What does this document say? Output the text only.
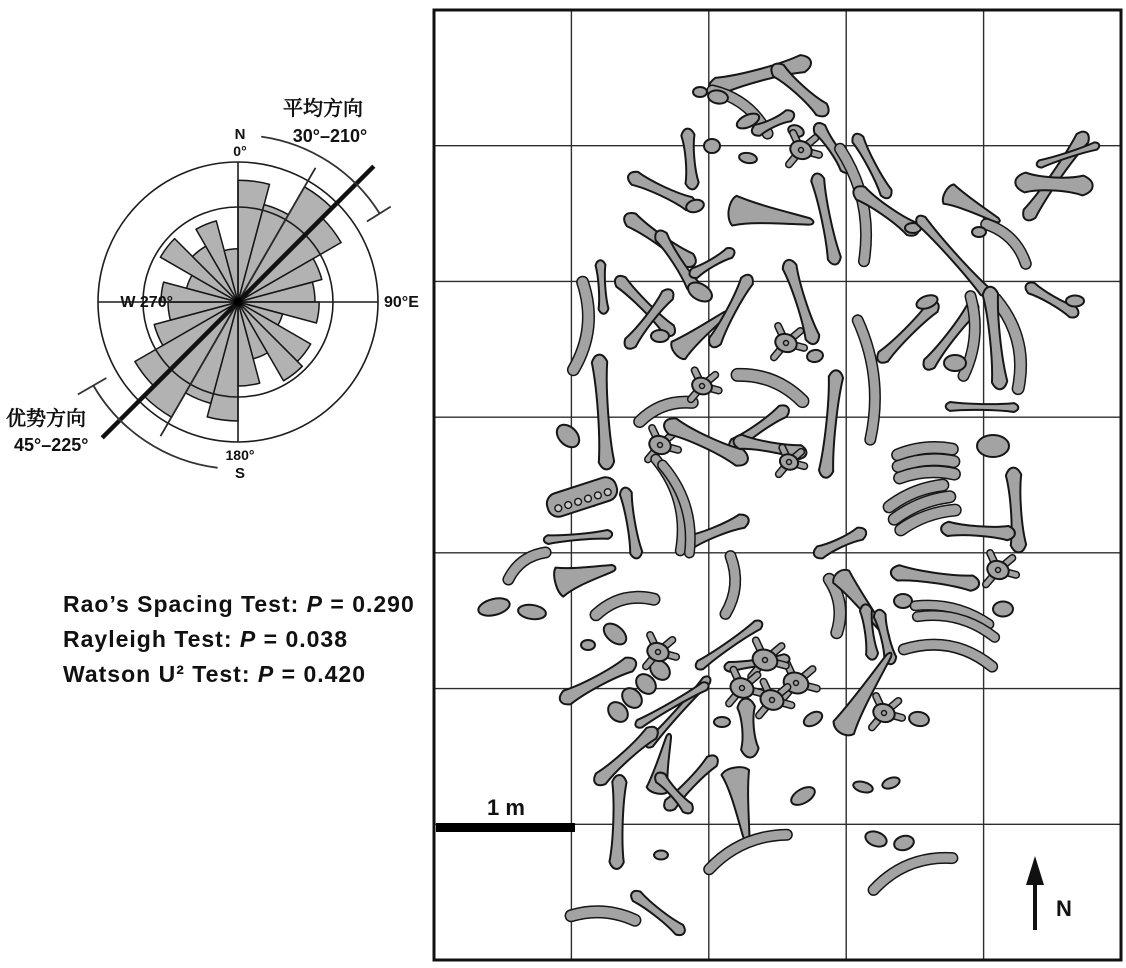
N
0°
90°E
W 270°
180°
S
平均方向
30°–210°
优势方向
45°–225°
Rao’s Spacing Test: P = 0.290
Rayleigh Test: P = 0.038
Watson U² Test: P = 0.420
1 m
N
